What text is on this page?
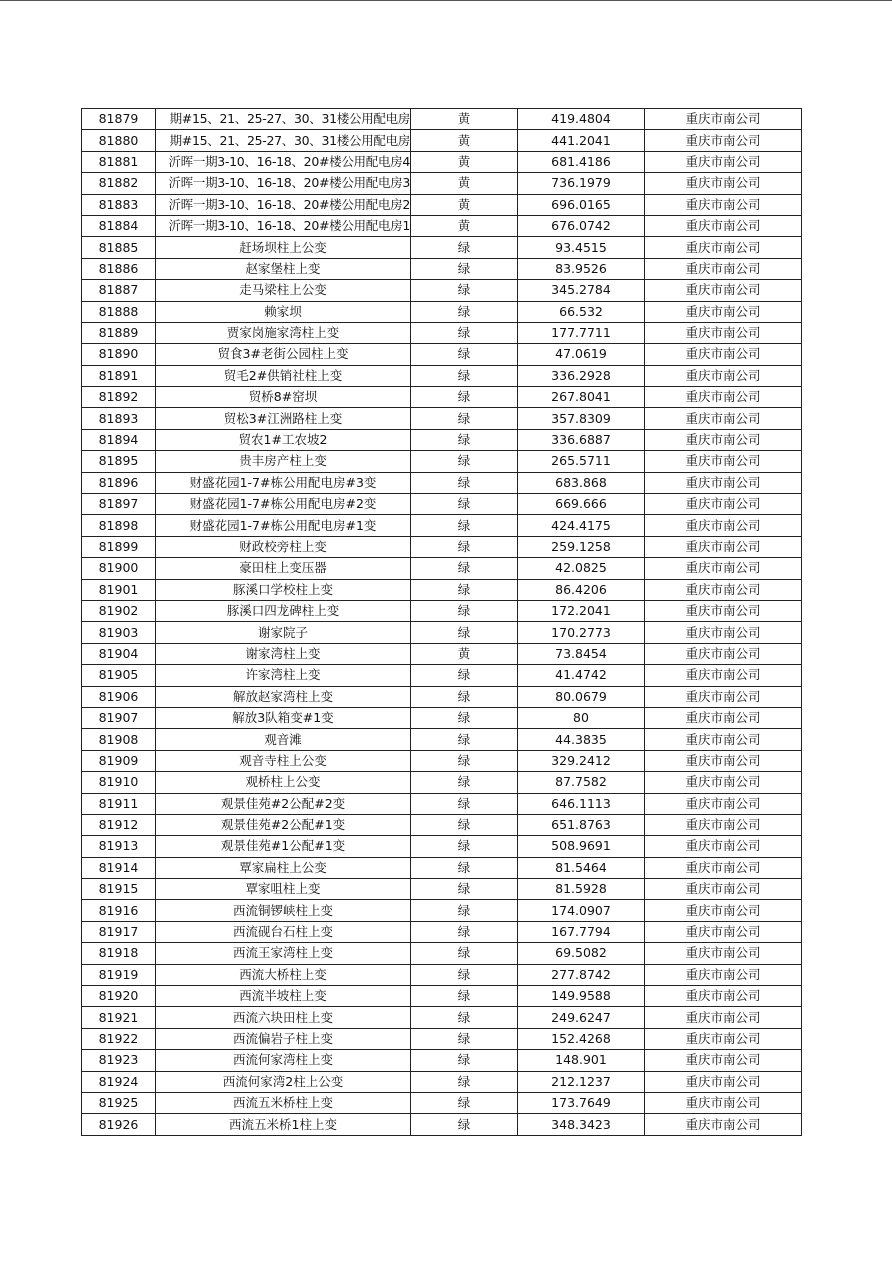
81879	期#15、21、25-27、30、31楼公用配电房	黄	419.4804	重庆市南公司
81880	期#15、21、25-27、30、31楼公用配电房	黄	441.2041	重庆市南公司
81881	沂晖一期3-10、16-18、20#楼公用配电房4	黄	681.4186	重庆市南公司
81882	沂晖一期3-10、16-18、20#楼公用配电房3	黄	736.1979	重庆市南公司
81883	沂晖一期3-10、16-18、20#楼公用配电房2	黄	696.0165	重庆市南公司
81884	沂晖一期3-10、16-18、20#楼公用配电房1	黄	676.0742	重庆市南公司
81885	赶场坝柱上公变	绿	93.4515	重庆市南公司
81886	赵家堡柱上变	绿	83.9526	重庆市南公司
81887	走马梁柱上公变	绿	345.2784	重庆市南公司
81888	赖家坝	绿	66.532	重庆市南公司
81889	贾家岗施家湾柱上变	绿	177.7711	重庆市南公司
81890	贸食3#老街公园柱上变	绿	47.0619	重庆市南公司
81891	贸毛2#供销社柱上变	绿	336.2928	重庆市南公司
81892	贸桥8#窑坝	绿	267.8041	重庆市南公司
81893	贸松3#江洲路柱上变	绿	357.8309	重庆市南公司
81894	贸农1#工农坡2	绿	336.6887	重庆市南公司
81895	贵丰房产柱上变	绿	265.5711	重庆市南公司
81896	财盛花园1-7#栋公用配电房#3变	绿	683.868	重庆市南公司
81897	财盛花园1-7#栋公用配电房#2变	绿	669.666	重庆市南公司
81898	财盛花园1-7#栋公用配电房#1变	绿	424.4175	重庆市南公司
81899	财政校旁柱上变	绿	259.1258	重庆市南公司
81900	豪田柱上变压器	绿	42.0825	重庆市南公司
81901	豚溪口学校柱上变	绿	86.4206	重庆市南公司
81902	豚溪口四龙碑柱上变	绿	172.2041	重庆市南公司
81903	谢家院子	绿	170.2773	重庆市南公司
81904	谢家湾柱上变	黄	73.8454	重庆市南公司
81905	许家湾柱上变	绿	41.4742	重庆市南公司
81906	解放赵家湾柱上变	绿	80.0679	重庆市南公司
81907	解放3队箱变#1变	绿	80	重庆市南公司
81908	观音滩	绿	44.3835	重庆市南公司
81909	观音寺柱上公变	绿	329.2412	重庆市南公司
81910	观桥柱上公变	绿	87.7582	重庆市南公司
81911	观景佳苑#2公配#2变	绿	646.1113	重庆市南公司
81912	观景佳苑#2公配#1变	绿	651.8763	重庆市南公司
81913	观景佳苑#1公配#1变	绿	508.9691	重庆市南公司
81914	覃家扁柱上公变	绿	81.5464	重庆市南公司
81915	覃家咀柱上变	绿	81.5928	重庆市南公司
81916	西流铜锣峡柱上变	绿	174.0907	重庆市南公司
81917	西流砚台石柱上变	绿	167.7794	重庆市南公司
81918	西流王家湾柱上变	绿	69.5082	重庆市南公司
81919	西流大桥柱上变	绿	277.8742	重庆市南公司
81920	西流半坡柱上变	绿	149.9588	重庆市南公司
81921	西流六块田柱上变	绿	249.6247	重庆市南公司
81922	西流偏岩子柱上变	绿	152.4268	重庆市南公司
81923	西流何家湾柱上变	绿	148.901	重庆市南公司
81924	西流何家湾2柱上公变	绿	212.1237	重庆市南公司
81925	西流五米桥柱上变	绿	173.7649	重庆市南公司
81926	西流五米桥1柱上变	绿	348.3423	重庆市南公司
